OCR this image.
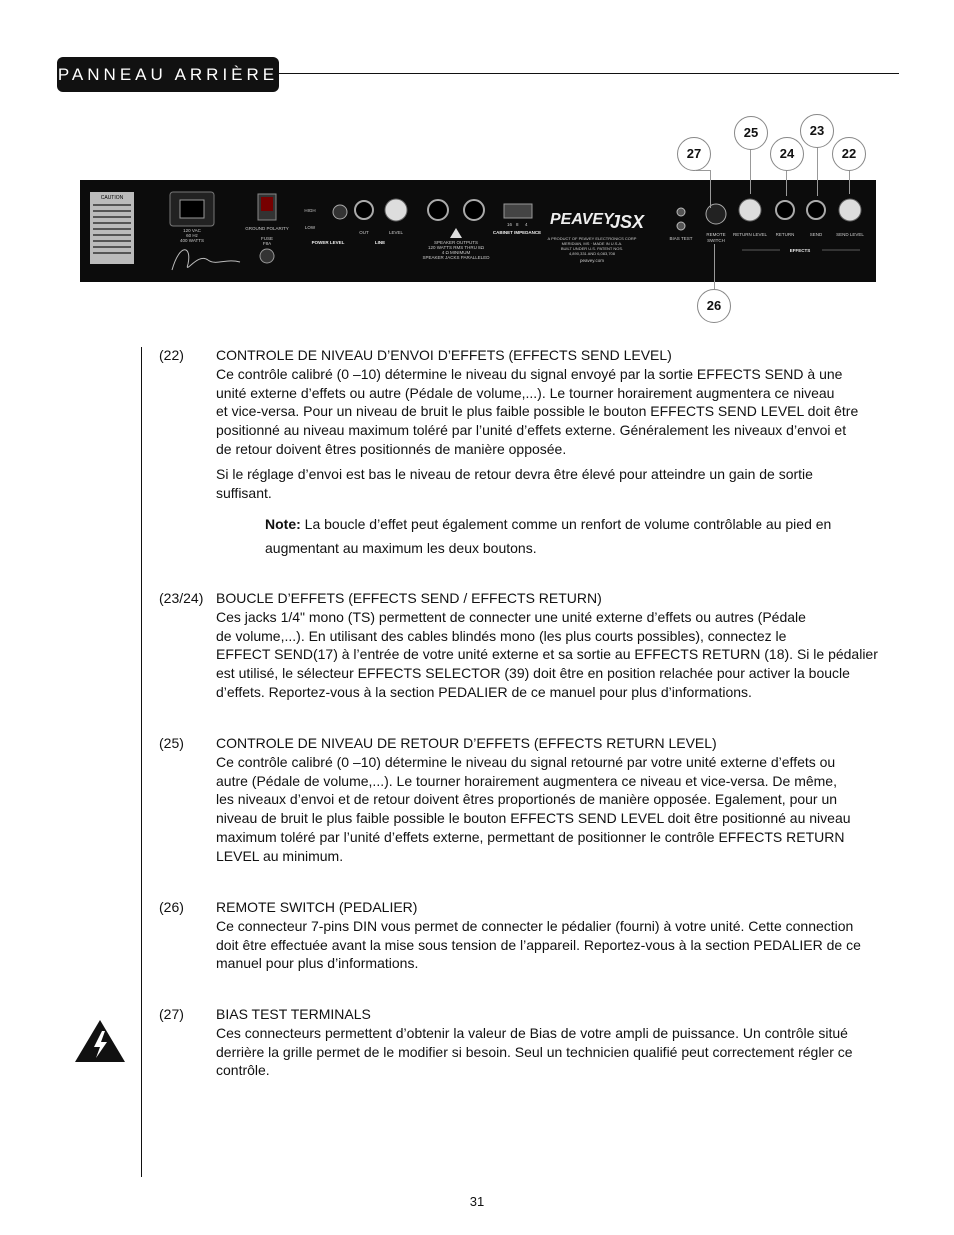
PANNEAU ARRIÈRE
CAUTION
120 VAC
60 Hz
400 WATTS
GROUND POLARITY
FUSE
F8A
HIGH
LOW
POWER LEVEL
OUT	LEVEL
LINE	SPEAKER OUTPUTS
120 WATTS RMS THRU 8Ω
4 Ω MINIMUM
SPEAKER JACKS PARALLELED
16 8 4
CABINET IMPEDANCE
PEAVEY
JSX
A PRODUCT OF PEAVEY ELECTRONICS CORP
MERIDIAN, MS · MADE IN U.S.A.
BUILT UNDER U.S. PATENT NOS.
4,890,331 AND 6,083,708
peavey.com
BIAS TEST
REMOTE
SWITCH
RETURN LEVEL RETURN	SEND	SEND LEVEL
EFFECTS
27
25
24
23
22
26
(22) CONTROLE DE NIVEAU D’ENVOI D’EFFETS (EFFECTS SEND LEVEL)

Ce contrôle calibré (0 –10) détermine le niveau du signal envoyé par la sortie EFFECTS SEND à une
unité externe d’effets ou autre (Pédale de volume,...). Le tourner horairement augmentera ce niveau
et vice-versa. Pour un niveau de bruit le plus faible possible le bouton EFFECTS SEND LEVEL doit être
positionné au niveau maximum toléré par l’unité d’effets externe. Généralement les niveaux d’envoi et
de retour doivent êtres positionnés de manière opposée.

Si le réglage d’envoi est bas le niveau de retour devra être élevé pour atteindre un gain de sortie
suffisant.

Note: La boucle d’effet peut également comme un renfort de volume contrôlable au pied en
augmentant au maximum les deux boutons.

(23/24) BOUCLE D’EFFETS (EFFECTS SEND / EFFECTS RETURN)

Ces jacks 1/4" mono (TS) permettent de connecter une unité externe d’effets ou autres (Pédale
de volume,...). En utilisant des cables blindés mono (les plus courts possibles), connectez le
EFFECT SEND(17) à l’entrée de votre unité externe et sa sortie au EFFECTS RETURN (18). Si le pédalier
est utilisé, le sélecteur EFFECTS SELECTOR (39) doit être en position relachée pour activer la boucle
d’effets. Reportez-vous à la section PEDALIER de ce manuel pour plus d’informations.

(25) CONTROLE DE NIVEAU DE RETOUR D’EFFETS (EFFECTS RETURN LEVEL)

Ce contrôle calibré (0 –10) détermine le niveau du signal retourné par votre unité externe d’effets ou
autre (Pédale de volume,...). Le tourner horairement augmentera ce niveau et vice-versa. De même,
les niveaux d’envoi et de retour doivent êtres proportionés de manière opposée. Egalement, pour un
niveau de bruit le plus faible possible le bouton EFFECTS SEND LEVEL doit être positionné au niveau
maximum toléré par l’unité d’effets externe, permettant de positionner le contrôle EFFECTS RETURN
LEVEL au minimum.

(26) REMOTE SWITCH (PEDALIER)

Ce connecteur 7-pins DIN vous permet de connecter le pédalier (fourni) à votre unité. Cette connection
doit être effectuée avant la mise sous tension de l’appareil. Reportez-vous à la section PEDALIER de ce
manuel pour plus d’informations.

(27) BIAS TEST TERMINALS

Ces connecteurs permettent d’obtenir la valeur de Bias de votre ampli de puissance. Un contrôle situé
derrière la grille permet de le modifier si besoin. Seul un technicien qualifié peut correctement régler ce
contrôle.

31
